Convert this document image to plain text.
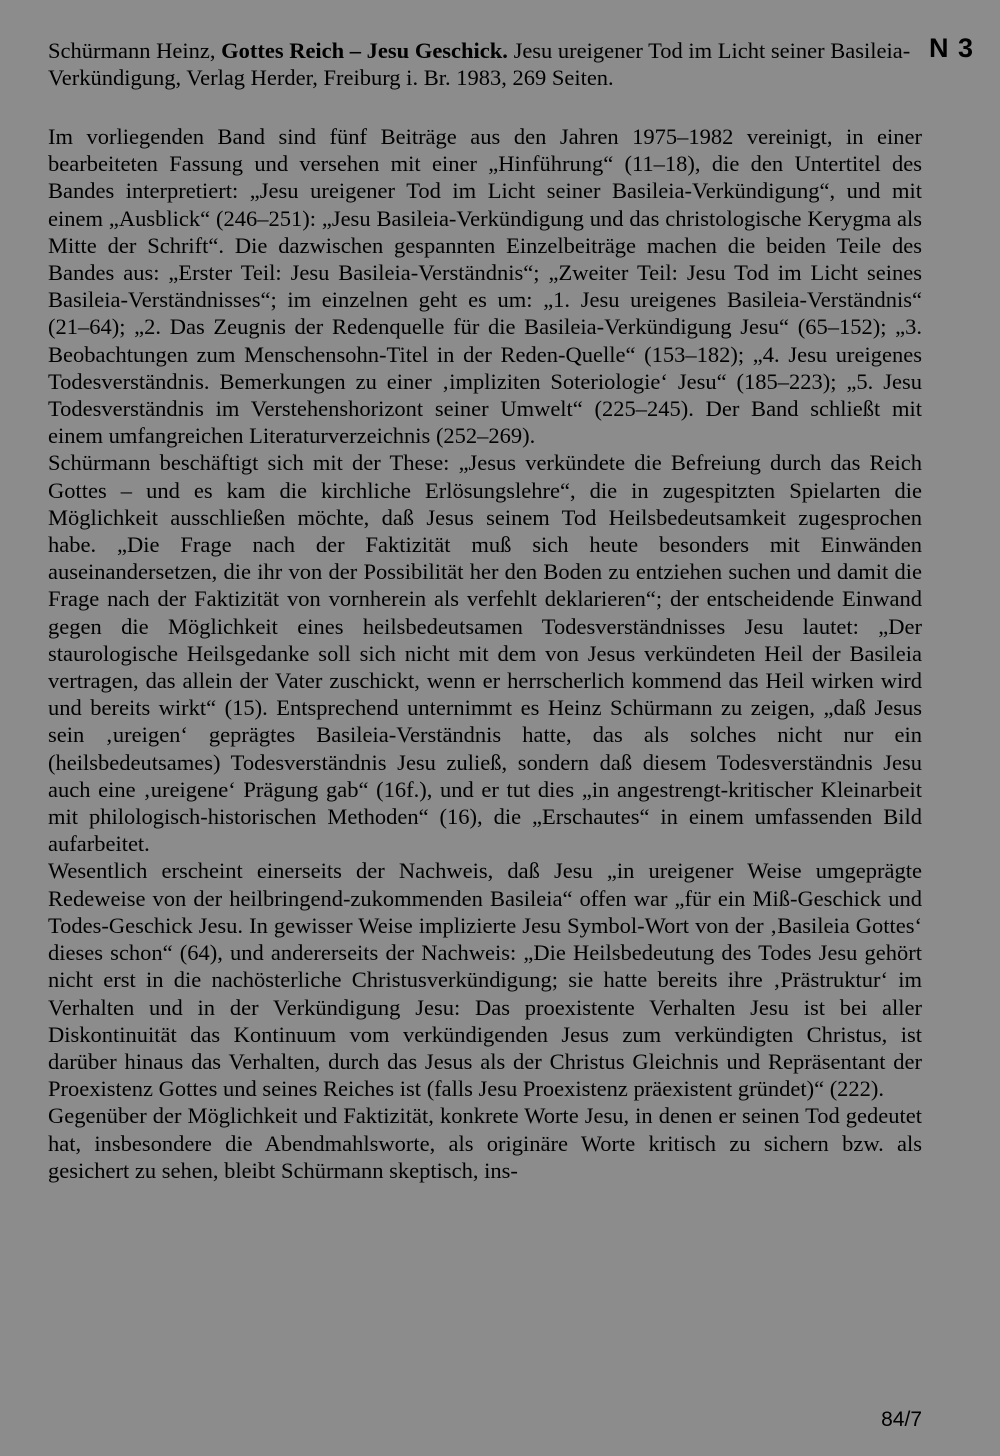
Schürmann Heinz, Gottes Reich – Jesu Geschick. Jesu ureigener Tod im Licht seiner Basileia-Verkündigung, Verlag Herder, Freiburg i. Br. 1983, 269 Seiten.
N 3

Im vorliegenden Band sind fünf Beiträge aus den Jahren 1975–1982 vereinigt, in einer bearbeiteten Fassung und versehen mit einer „Hinführung“ (11–18), die den Untertitel des Bandes interpretiert: „Jesu ureigener Tod im Licht seiner Basileia-Verkündigung“, und mit einem „Ausblick“ (246–251): „Jesu Basileia-Verkündigung und das christologische Kerygma als Mitte der Schrift“. Die dazwischen gespannten Einzelbeiträge machen die beiden Teile des Bandes aus: „Erster Teil: Jesu Basileia-Verständnis“; „Zweiter Teil: Jesu Tod im Licht seines Basileia-Verständnisses“; im einzelnen geht es um: „1. Jesu ureigenes Basileia-Verständnis“ (21–64); „2. Das Zeugnis der Redenquelle für die Basileia-Verkündigung Jesu“ (65–152); „3. Beobachtungen zum Menschensohn-Titel in der Reden-Quelle“ (153–182); „4. Jesu ureigenes Todesverständnis. Bemerkungen zu einer ‚impliziten Soteriologie‘ Jesu“ (185–223); „5. Jesu Todesverständnis im Verstehenshorizont seiner Umwelt“ (225–245). Der Band schließt mit einem umfangreichen Literaturverzeichnis (252–269).

Schürmann beschäftigt sich mit der These: „Jesus verkündete die Befreiung durch das Reich Gottes – und es kam die kirchliche Erlösungslehre“, die in zugespitzten Spielarten die Möglichkeit ausschließen möchte, daß Jesus seinem Tod Heilsbedeutsamkeit zugesprochen habe. „Die Frage nach der Faktizität muß sich heute besonders mit Einwänden auseinandersetzen, die ihr von der Possibilität her den Boden zu entziehen suchen und damit die Frage nach der Faktizität von vornherein als verfehlt deklarieren“; der entscheidende Einwand gegen die Möglichkeit eines heilsbedeutsamen Todesverständnisses Jesu lautet: „Der staurologische Heilsgedanke soll sich nicht mit dem von Jesus verkündeten Heil der Basileia vertragen, das allein der Vater zuschickt, wenn er herrscherlich kommend das Heil wirken wird und bereits wirkt“ (15). Entsprechend unternimmt es Heinz Schürmann zu zeigen, „daß Jesus sein ‚ureigen‘ geprägtes Basileia-Verständnis hatte, das als solches nicht nur ein (heilsbedeutsames) Todesverständnis Jesu zuließ, sondern daß diesem Todesverständnis Jesu auch eine ‚ureigene‘ Prägung gab“ (16f.), und er tut dies „in angestrengt-kritischer Kleinarbeit mit philologisch-historischen Methoden“ (16), die „Erschautes“ in einem umfassenden Bild aufarbeitet.

Wesentlich erscheint einerseits der Nachweis, daß Jesu „in ureigener Weise umgeprägte Redeweise von der heilbringend-zukommenden Basileia“ offen war „für ein Miß-Geschick und Todes-Geschick Jesu. In gewisser Weise implizierte Jesu Symbol-Wort von der ‚Basileia Gottes‘ dieses schon“ (64), und andererseits der Nachweis: „Die Heilsbedeutung des Todes Jesu gehört nicht erst in die nachösterliche Christusverkündigung; sie hatte bereits ihre ‚Prästruktur‘ im Verhalten und in der Verkündigung Jesu: Das proexistente Verhalten Jesu ist bei aller Diskontinuität das Kontinuum vom verkündigenden Jesus zum verkündigten Christus, ist darüber hinaus das Verhalten, durch das Jesus als der Christus Gleichnis und Repräsentant der Proexistenz Gottes und seines Reiches ist (falls Jesu Proexistenz präexistent gründet)“ (222).

Gegenüber der Möglichkeit und Faktizität, konkrete Worte Jesu, in denen er seinen Tod gedeutet hat, insbesondere die Abendmahlsworte, als originäre Worte kritisch zu sichern bzw. als gesichert zu sehen, bleibt Schürmann skeptisch, ins-

84/7
